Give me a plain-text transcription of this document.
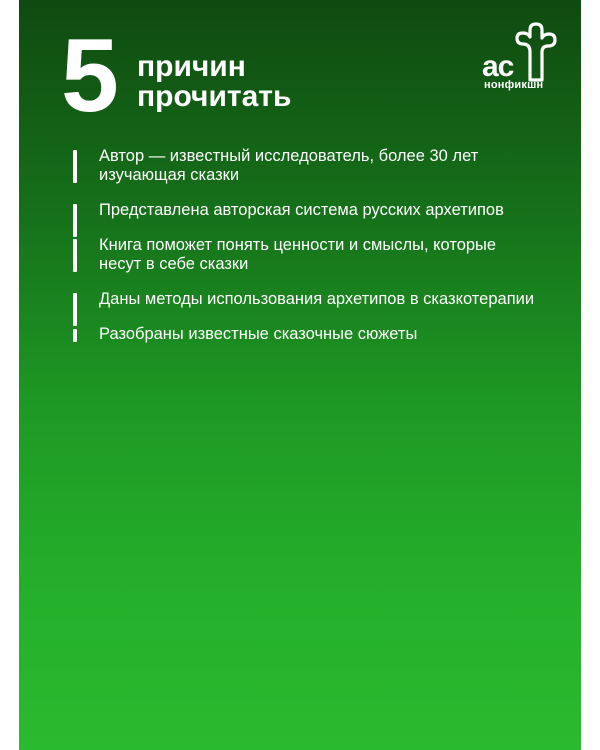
5 причин
прочитать
ас
нонфикшн
Автор — известный исследователь, более 30 лет изучающая сказки
Представлена авторская система русских архетипов
Книга поможет понять ценности и смыслы, которые несут в себе сказки
Даны методы использования архетипов в сказкотерапии
Разобраны известные сказочные сюжеты
